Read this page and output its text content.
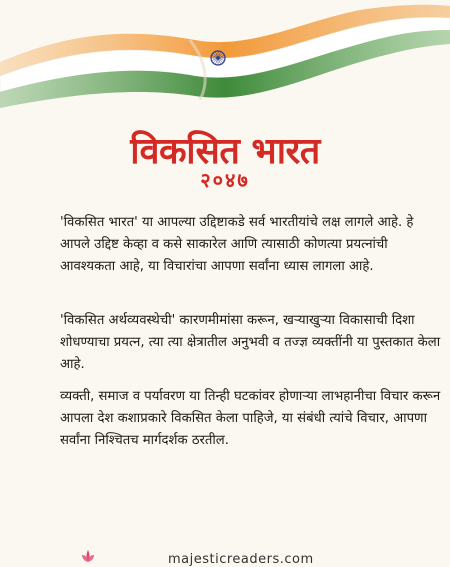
विकसित भारत
२०४७

'विकसित भारत' या आपल्या उद्दिष्टाकडे सर्व भारतीयांचे लक्ष लागले आहे. हे आपले उद्दिष्ट केव्हा व कसे साकारेल आणि त्यासाठी कोणत्या प्रयत्नांची आवश्यकता आहे, या विचारांचा आपणा सर्वांना ध्यास लागला आहे.

'विकसित अर्थव्यवस्थेची' कारणमीमांसा करून, खऱ्याखुऱ्या विकासाची दिशा शोधण्याचा प्रयत्न, त्या त्या क्षेत्रातील अनुभवी व तज्ज्ञ व्यक्तींनी या पुस्तकात केला आहे.

व्यक्ती, समाज व पर्यावरण या तिन्ही घटकांवर होणाऱ्या लाभहानीचा विचार करून आपला देश कशाप्रकारे विकसित केला पाहिजे, या संबंधी त्यांचे विचार, आपणा सर्वांना निश्चितच मार्गदर्शक ठरतील.

majesticreaders.com
